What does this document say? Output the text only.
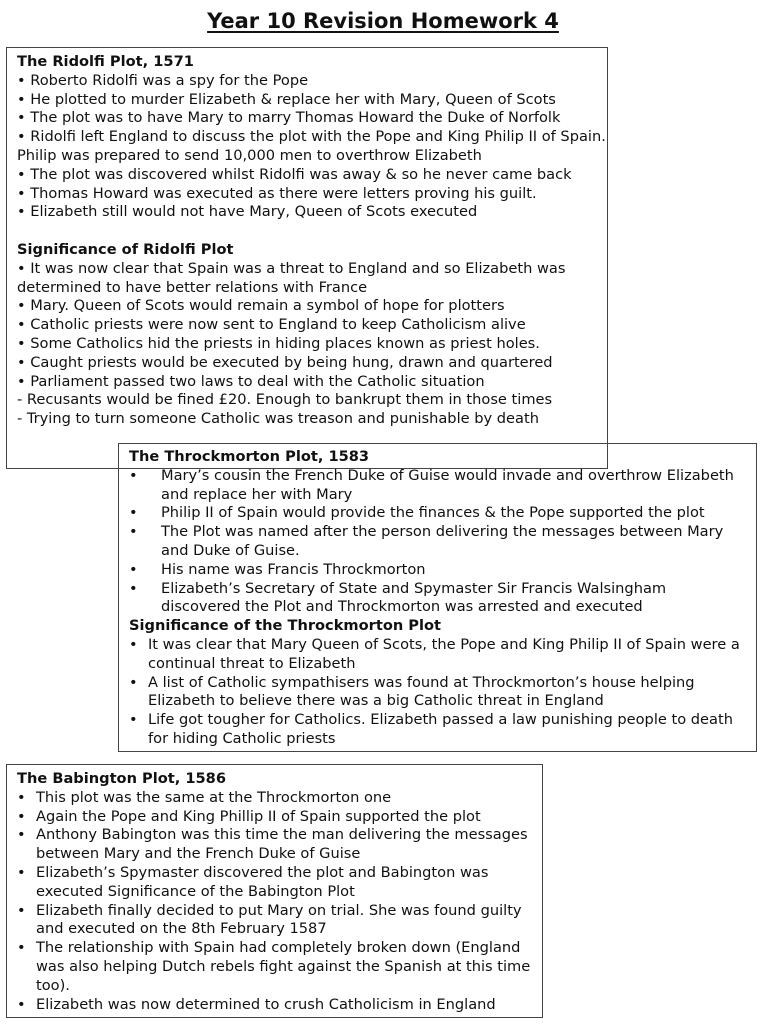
Year 10 Revision Homework 4
The Ridolfi Plot, 1571

• Roberto Ridolfi was a spy for the Pope

• He plotted to murder Elizabeth & replace her with Mary, Queen of Scots

• The plot was to have Mary to marry Thomas Howard the Duke of Norfolk

• Ridolfi left England to discuss the plot with the Pope and King Philip II of Spain. Philip was prepared to send 10,000 men to overthrow Elizabeth

• The plot was discovered whilst Ridolfi was away & so he never came back

• Thomas Howard was executed as there were letters proving his guilt.

• Elizabeth still would not have Mary, Queen of Scots executed

Significance of Ridolfi Plot

• It was now clear that Spain was a threat to England and so Elizabeth was determined to have better relations with France

• Mary. Queen of Scots would remain a symbol of hope for plotters

• Catholic priests were now sent to England to keep Catholicism alive

• Some Catholics hid the priests in hiding places known as priest holes.

• Caught priests would be executed by being hung, drawn and quartered

• Parliament passed two laws to deal with the Catholic situation

- Recusants would be fined £20. Enough to bankrupt them in those times

- Trying to turn someone Catholic was treason and punishable by death

The Throckmorton Plot, 1583
• Mary’s cousin the French Duke of Guise would invade and overthrow Elizabeth and replace her with Mary
• Philip II of Spain would provide the finances & the Pope supported the plot
• The Plot was named after the person delivering the messages between Mary and Duke of Guise.
• His name was Francis Throckmorton
• Elizabeth’s Secretary of State and Spymaster Sir Francis Walsingham discovered the Plot and Throckmorton was arrested and executed
Significance of the Throckmorton Plot
• It was clear that Mary Queen of Scots, the Pope and King Philip II of Spain were a continual threat to Elizabeth
• A list of Catholic sympathisers was found at Throckmorton’s house helping Elizabeth to believe there was a big Catholic threat in England
• Life got tougher for Catholics. Elizabeth passed a law punishing people to death for hiding Catholic priests
The Babington Plot, 1586
• This plot was the same at the Throckmorton one
• Again the Pope and King Phillip II of Spain supported the plot
• Anthony Babington was this time the man delivering the messages between Mary and the French Duke of Guise
• Elizabeth’s Spymaster discovered the plot and Babington was executed Significance of the Babington Plot
• Elizabeth finally decided to put Mary on trial. She was found guilty and executed on the 8th February 1587
• The relationship with Spain had completely broken down (England was also helping Dutch rebels fight against the Spanish at this time too).
• Elizabeth was now determined to crush Catholicism in England
